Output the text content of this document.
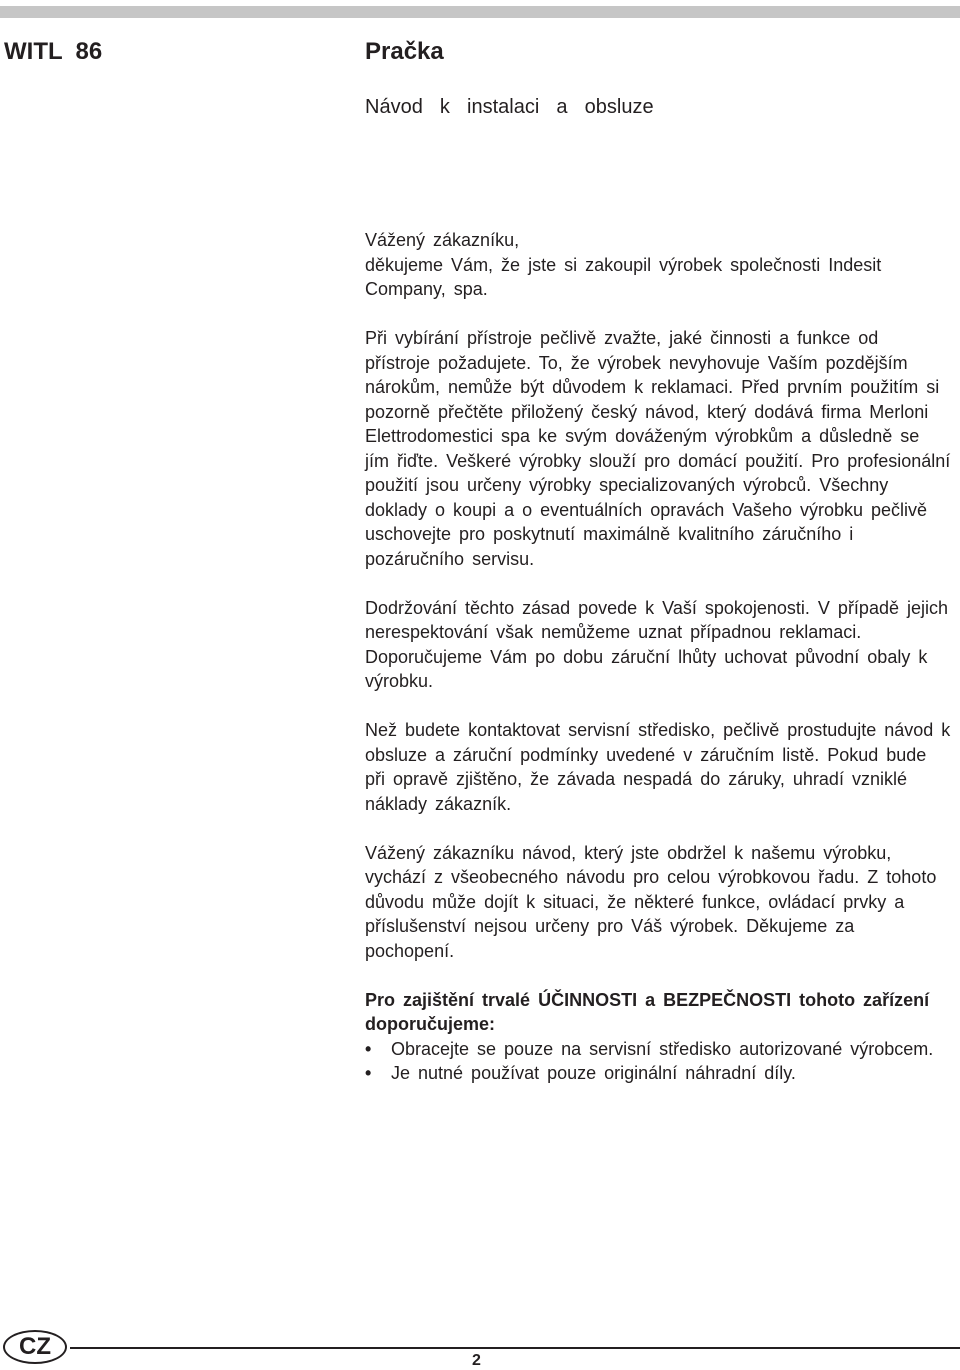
WITL  86	Pračka
Návod  k  instalaci  a  obsluze

Vážený zákazníku,
děkujeme Vám, že jste si zakoupil výrobek společnosti Indesit Company, spa.

Při vybírání přístroje pečlivě zvažte, jaké činnosti a funkce od přístroje požadujete. To, že výrobek nevyhovuje Vaším pozdějším nárokům, nemůže být důvodem k reklamaci. Před prvním použitím si pozorně přečtěte přiložený český návod, který dodává firma Merloni Elettrodomestici spa ke svým dováženým výrobkům a důsledně se jím řiďte. Veškeré výrobky slouží pro domácí použití. Pro profesionální použití jsou určeny výrobky specializovaných výrobců. Všechny doklady o koupi a o eventuálních opravách Vašeho výrobku pečlivě uschovejte pro poskytnutí maximálně kvalitního záručního i pozáručního servisu.

Dodržování těchto zásad povede k Vaší spokojenosti. V případě jejich nerespektování však nemůžeme uznat případnou reklamaci. Doporučujeme Vám po dobu záruční lhůty uchovat původní obaly k výrobku.

Než budete kontaktovat servisní středisko, pečlivě prostudujte návod k obsluze a záruční podmínky uvedené v záručním listě. Pokud bude při opravě zjištěno, že závada nespadá do záruky, uhradí vzniklé náklady zákazník.

Vážený zákazníku návod, který jste obdržel k našemu výrobku, vychází z všeobecného návodu pro celou výrobkovou řadu. Z tohoto důvodu může dojít k situaci, že některé funkce, ovládací prvky a příslušenství nejsou určeny pro Váš výrobek. Děkujeme za pochopení.

Pro zajištění trvalé ÚČINNOSTI a BEZPEČNOSTI tohoto zařízení doporučujeme:

• Obracejte se pouze na servisní středisko autorizované výrobcem.
• Je nutné používat pouze originální náhradní díly.
CZ
2
